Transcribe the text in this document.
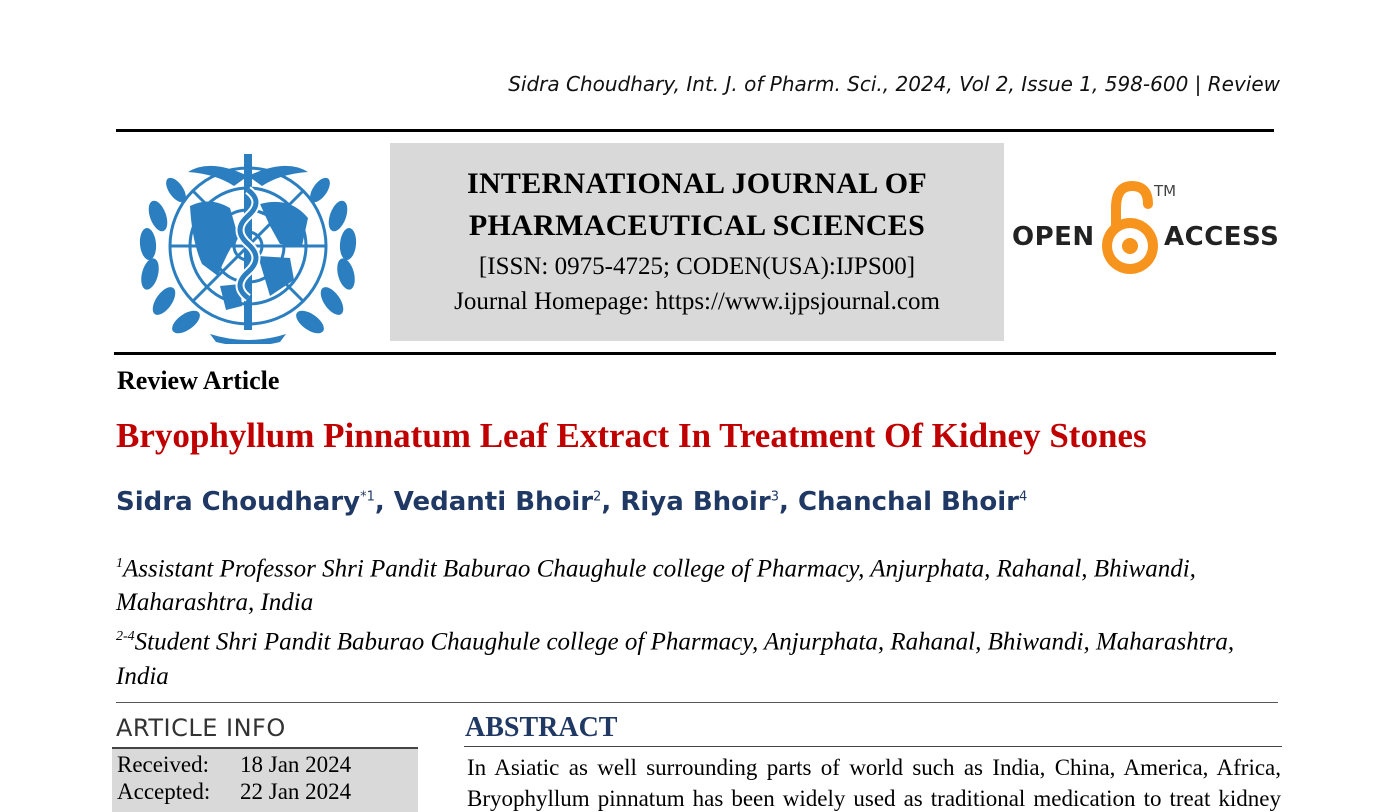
Sidra Choudhary, Int. J. of Pharm. Sci., 2024, Vol 2, Issue 1, 598-600 | Review
INTERNATIONAL JOURNAL OF
PHARMACEUTICAL SCIENCES
[ISSN: 0975-4725; CODEN(USA):IJPS00]
Journal Homepage: https://www.ijpsjournal.com
OPEN	ACCESS
TM
Review Article
Bryophyllum Pinnatum Leaf Extract In Treatment Of Kidney Stones
Sidra Choudhary$^{*1}$, Vedanti Bhoir$^2$, Riya Bhoir$^3$, Chanchal Bhoir$^4$
$^1$Assistant Professor Shri Pandit Baburao Chaughule college of Pharmacy, Anjurphata, Rahanal, Bhiwandi, Maharashtra, India
$^{2-4}$Student Shri Pandit Baburao Chaughule college of Pharmacy, Anjurphata, Rahanal, Bhiwandi, Maharashtra, India
ARTICLE INFO
Received: 18 Jan 2024
Accepted: 22 Jan 2024
ABSTRACT
In Asiatic as well surrounding parts of world such as India, China, America, Africa, Bryophyllum pinnatum has been widely used as traditional medication to treat kidney
